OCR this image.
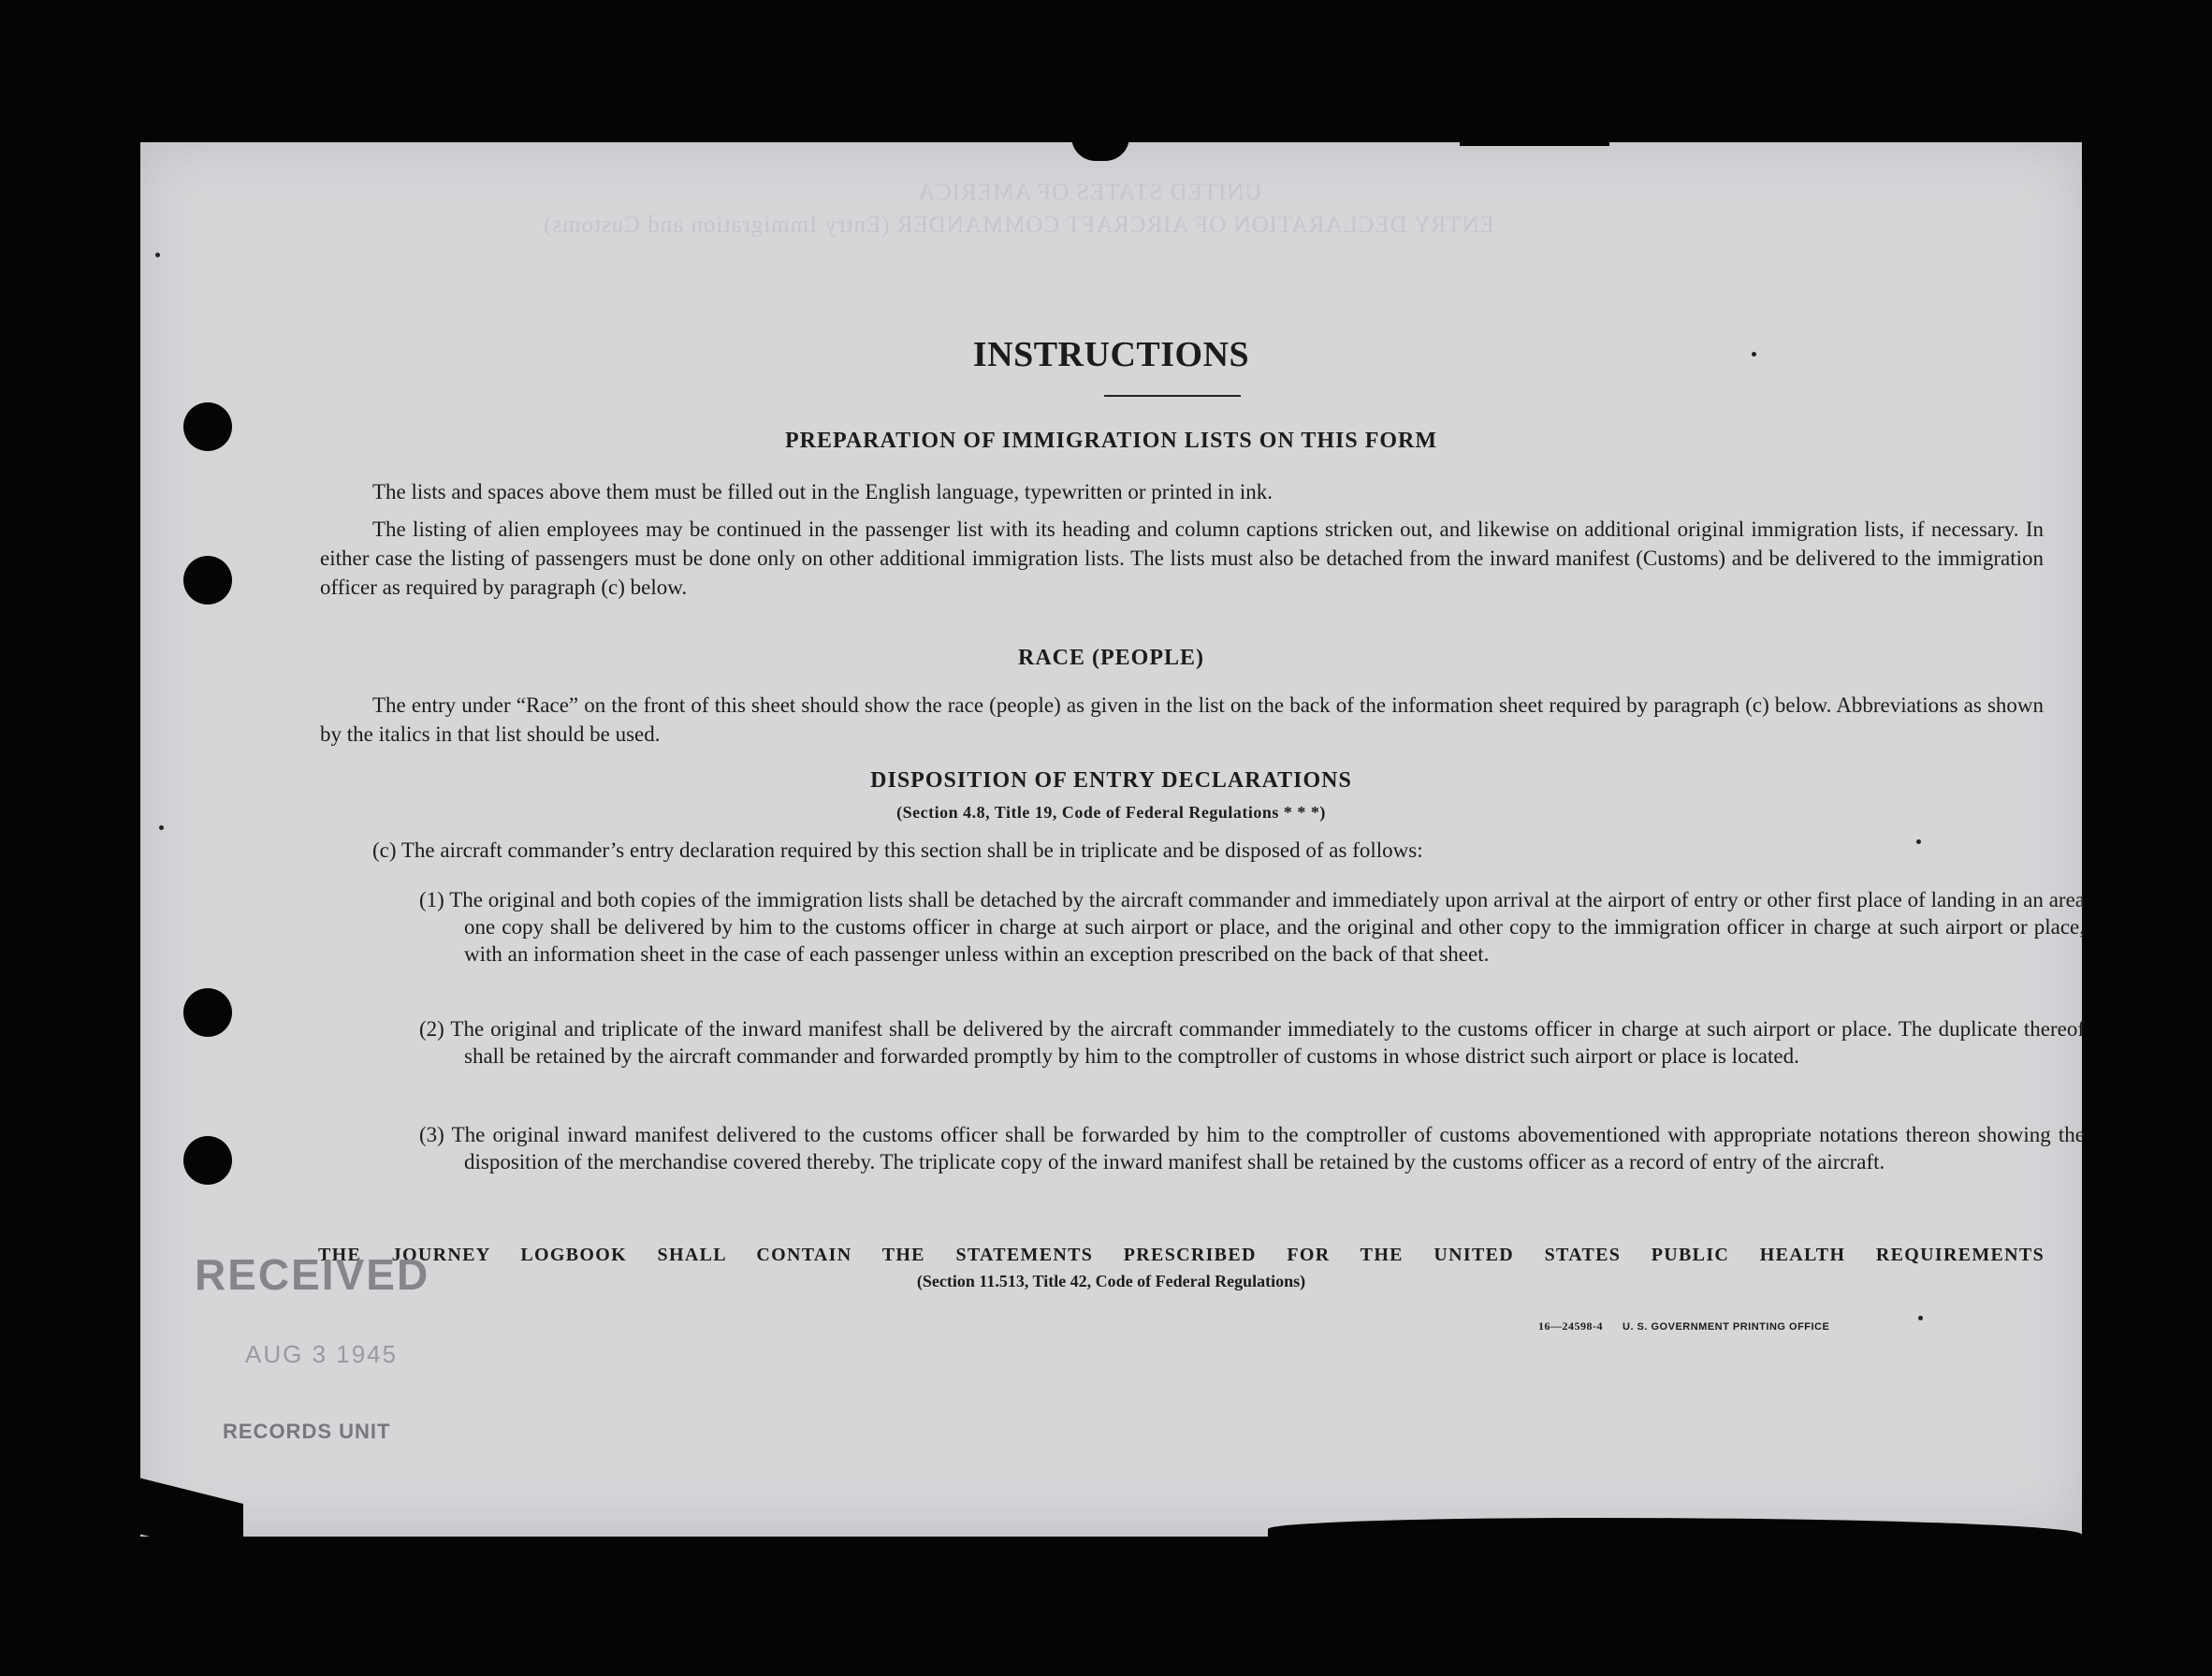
UNITED STATES OF AMERICA
ENTRY DECLARATION OF AIRCRAFT COMMANDER (Entry Immigration and Customs)
INSTRUCTIONS
PREPARATION OF IMMIGRATION LISTS ON THIS FORM

The lists and spaces above them must be filled out in the English language, typewritten or printed in ink.

The listing of alien employees may be continued in the passenger list with its heading and column captions stricken out, and likewise on additional original immigration lists, if necessary. In either case the listing of passengers must be done only on other additional immigration lists. The lists must also be detached from the inward manifest (Customs) and be delivered to the immigration officer as required by paragraph (c) below.

RACE (PEOPLE)

The entry under “Race” on the front of this sheet should show the race (people) as given in the list on the back of the information sheet required by paragraph (c) below. Abbreviations as shown by the italics in that list should be used.

DISPOSITION OF ENTRY DECLARATIONS
(Section 4.8, Title 19, Code of Federal Regulations * * *)

(c) The aircraft commander’s entry declaration required by this section shall be in triplicate and be disposed of as follows:

(1) The original and both copies of the immigration lists shall be detached by the aircraft commander and immediately upon arrival at the airport of entry or other first place of landing in an area one copy shall be delivered by him to the customs officer in charge at such airport or place, and the original and other copy to the immigration officer in charge at such airport or place, with an information sheet in the case of each passenger unless within an exception prescribed on the back of that sheet.
(2) The original and triplicate of the inward manifest shall be delivered by the aircraft commander immediately to the customs officer in charge at such airport or place. The duplicate thereof shall be retained by the aircraft commander and forwarded promptly by him to the comptroller of customs in whose district such airport or place is located.
(3) The original inward manifest delivered to the customs officer shall be forwarded by him to the comptroller of customs abovementioned with appropriate notations thereon showing the disposition of the merchandise covered thereby. The triplicate copy of the inward manifest shall be retained by the customs officer as a record of entry of the aircraft.
THE JOURNEY LOGBOOK SHALL CONTAIN THE STATEMENTS PRESCRIBED FOR THE UNITED STATES PUBLIC HEALTH REQUIREMENTS
(Section 11.513, Title 42, Code of Federal Regulations)
16—24598-4 U. S. GOVERNMENT PRINTING OFFICE
RECEIVED
AUG 3 1945
RECORDS UNIT
